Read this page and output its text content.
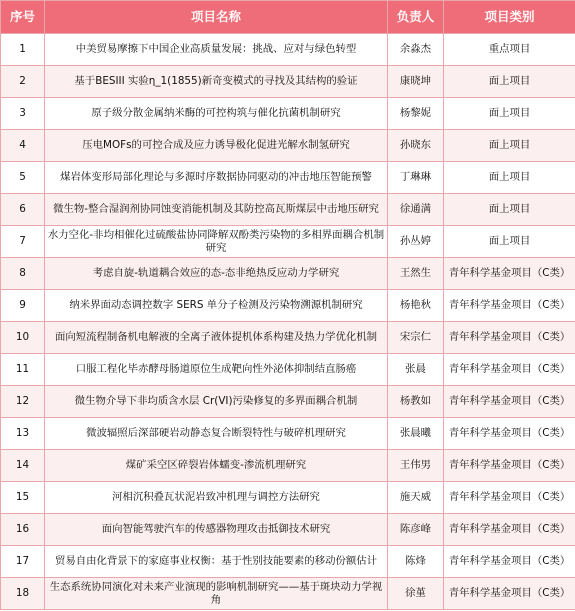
序号	项目名称	负责人	项目类别
1	中美贸易摩擦下中国企业高质量发展：挑战、应对与绿色转型	余淼杰	重点项目
2	基于BESIII 实验η_1(1855)新奇变模式的寻找及其结构的验证	康晓坤	面上项目
3	原子级分散金属纳米酶的可控构筑与催化抗菌机制研究	杨黎妮	面上项目
4	压电MOFs的可控合成及应力诱导极化促进光解水制氢研究	孙晓东	面上项目
5	煤岩体变形局部化理论与多源时序数据协同驱动的冲击地压智能预警	丁琳琳	面上项目
6	微生物-整合湿润剂协同蚀变消能机制及其防控高瓦斯煤层中击地压研究	徐通满	面上项目
7	水力空化-非均相催化过硫酸盐协同降解双酚类污染物的多相界面耦合机制研究	孙丛婷	面上项目
8	考虑自旋-轨道耦合效应的态-态非绝热反应动力学研究	王然生	青年科学基金项目（C类）
9	纳米界面动态调控数字 SERS 单分子检测及污染物溯源机制研究	杨艳秋	青年科学基金项目（C类）
10	面向短流程制备机电解液的全离子液体提机体系构建及热力学优化机制	宋宗仁	青年科学基金项目（C类）
11	口服工程化毕赤酵母肠道原位生成靶向性外泌体抑制结直肠癌	张晨	青年科学基金项目（C类）
12	微生物介导下非均质含水层 Cr(VI)污染修复的多界面耦合机制	杨教如	青年科学基金项目（C类）
13	微波辐照后深部硬岩动静态复合断裂特性与破碎机理研究	张晨曦	青年科学基金项目（C类）
14	煤矿采空区碎裂岩体蠕变-渗流机理研究	王伟男	青年科学基金项目（C类）
15	河相沉积叠瓦状泥岩致冲机理与调控方法研究	施天威	青年科学基金项目（C类）
16	面向智能驾驶汽车的传感器物理攻击抵御技术研究	陈彦峰	青年科学基金项目（C类）
17	贸易自由化背景下的家庭事业权衡：基于性别技能要素的移动份额估计	陈烽	青年科学基金项目（C类）
18	生态系统协同演化对未来产业演现的影响机制研究——基于斑块动力学视角	徐堇	青年科学基金项目（C类）
